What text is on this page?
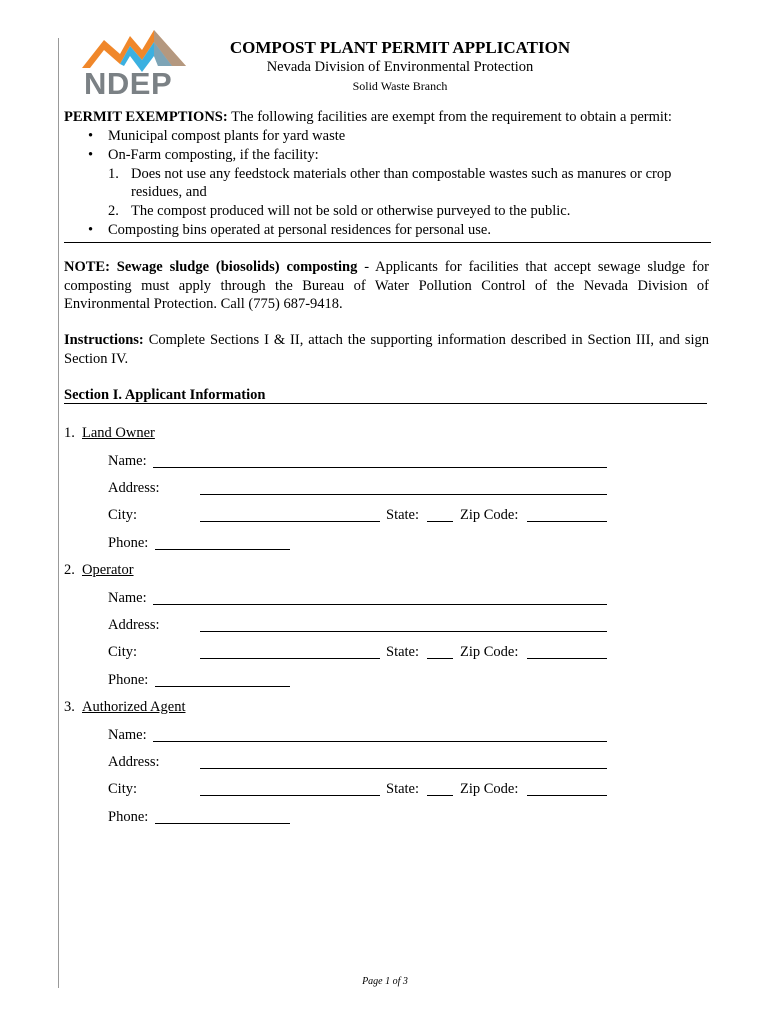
NDEP
COMPOST PLANT PERMIT APPLICATION
Nevada Division of Environmental Protection
Solid Waste Branch
PERMIT EXEMPTIONS: The following facilities are exempt from the requirement to obtain a permit:
• Municipal compost plants for yard waste
• On-Farm composting, if the facility:
1. Does not use any feedstock materials other than compostable wastes such as manures or crop
residues, and
2. The compost produced will not be sold or otherwise purveyed to the public.
• Composting bins operated at personal residences for personal use.
NOTE: Sewage sludge (biosolids) composting - Applicants for facilities that accept sewage sludge for composting must apply through the Bureau of Water Pollution Control of the Nevada Division of Environmental Protection. Call (775) 687-9418.
Instructions: Complete Sections I & II, attach the supporting information described in Section III, and sign Section IV.
Section I. Applicant Information
1. Land Owner
Name:
Address:
City:	State:	Zip Code:
Phone:
2. Operator
Name:
Address:
City:	State:	Zip Code:
Phone:
3. Authorized Agent
Name:
Address:
City:	State:	Zip Code:
Phone:
Page 1 of 3
